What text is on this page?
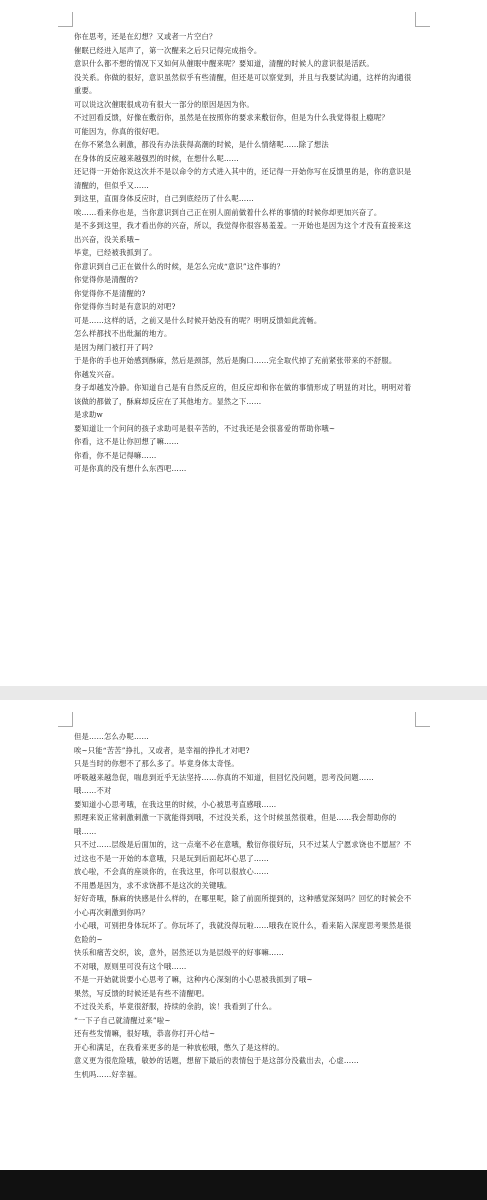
你在思考，还是在幻想？又或者一片空白？

催眠已经进入尾声了，第一次醒来之后只记得完成指令。

意识什么都不想的情况下又如何从催眠中醒来呢？要知道，清醒的时候人的意识很是活跃。

没关系。你做的很好，意识虽然似乎有些清醒，但还是可以察觉到，并且与我要试沟通，这样的沟通很重要。

可以说这次催眠很成功有很大一部分的原因是因为你。

不过回看反馈，好像在敷衍你，虽然是在按照你的要求来敷衍你，但是为什么我觉得很上瘾呢？

可能因为，你真的很好吧。

在你不紧急么刺激，都没有办法获得高潮的时候，是什么情绪呢……除了想法

在身体的反应越来越强烈的时候，在想什么呢……

还记得一开始你说这次并不是以命令的方式进入其中的，还记得一开始你写在反馈里的是，你的意识是清醒的，但似乎又……

到这里，直面身体反应时，自己到底经历了什么呢……

唉……看来你也是，当你意识到自己正在别人面前做着什么样的事情的时候你却更加兴奋了。

是不多到这里，我才看出你的兴奋，所以，我觉得你很容易羞羞。一开始也是因为这个才没有直接来这出兴奋，没关系哦~

毕竟，已经被我抓到了。

你意识到自己正在做什么的时候，是怎么完成“意识”这件事的？

你觉得你是清醒的?

你觉得你不是清醒的?

你觉得你当时是有意识的对吧?

可是……这样的话，之前又是什么时候开始没有的呢？明明反馈如此流畅。

怎么样都找不出纰漏的地方。

是因为闸门被打开了吗?

于是你的手也开始感到酥麻，然后是颈部，然后是胸口……完全取代掉了充前紧张带来的不舒服。

你越发兴奋。

身子却越发冷静。你知道自己是有自然反应的，但反应却和你在做的事情形成了明显的对比，明明对着该做的都做了，酥麻却反应在了其他地方。显然之下……

是求助w

要知道让一个问问的孩子求助可是很辛苦的，不过我还是会很喜爱的帮助你哦~

你看，这不是让你回想了嘛……

你看，你不是记得嘛……

可是你真的没有想什么东西吧……

但是……怎么办呢……

唉~只能“苦苦”挣扎，又或者，是幸福的挣扎才对吧?

只是当时的你想不了那么多了。毕竟身体太奇怪。

呼吸越来越急促，喘息到近乎无法坚持……你真的不知道，但回忆没问题，思考没问题……

哦……不对

要知道小心思考哦，在我这里的时候，小心被思考直感哦……

照理来说正常刺激刺激一下就能得到哦，不过没关系，这个时候虽然很难，但是……我会帮助你的哦……

只不过……层级是后面加的，这一点毫不必在意哦，敷衍你很好玩，只不过某人宁愿求饶也不愿屈？不过这也不是一开始的本意哦，只是玩到后面起坏心思了……

放心啦，不会真的座谈你的，在我这里，你可以很放心……

不用愚是因为，求不求饶都不是这次的关键哦。

好好奇哦，酥麻的快感是什么样的，在哪里呢，除了前面所提到的，这种感觉深刻吗？回忆的时候会不小心再次刺激到你吗？

小心哦，可别把身体玩坏了。你玩坏了，我就没得玩啦……哦我在说什么，看来陷入深度思考果然是很危险的~

快乐和痛苦交织，诶，意外，居然还以为是层级平的好事嘛……

不对哦，原则里可没有这个哦……

不是一开始就说要小心思考了嘛，这种内心深刻的小心思被我抓到了哦~

果然，写反馈的时候还是有些不清醒吧。

不过没关系，毕竟很舒服，持续的余韵，诶！我看到了什么。

“一下子自己就清醒过来”啦~

还有些发情嘛，很好哦，恭喜你打开心结~

开心和满足，在我看来更多的是一种放松哦，憋久了是这样的。

意义更为很危险哦，敏妙的话题，想留下最后的表情包于是这部分没截出去，心虚……

生机吗……好幸福。
